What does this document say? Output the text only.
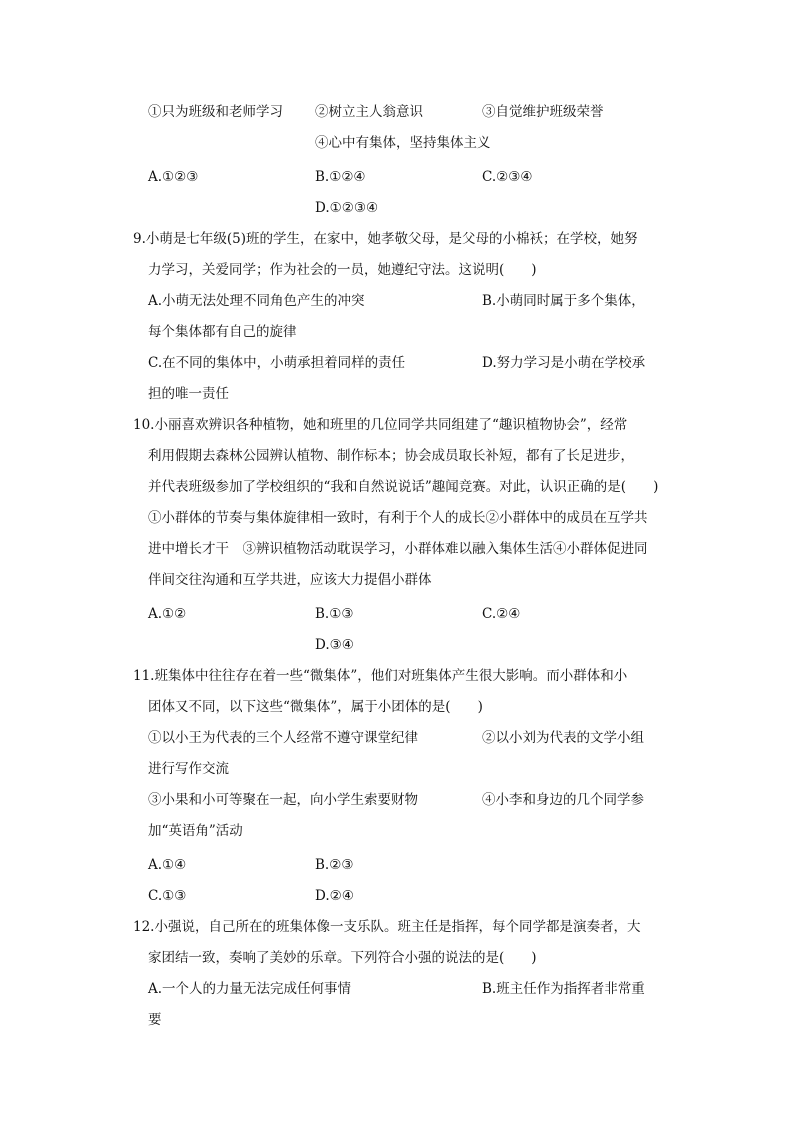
①只为班级和老师学习 ②树立主人翁意识	③自觉维护班级荣誉
④心中有集体，坚持集体主义
A.①②③	B.①②④	C.②③④
D.①②③④
9.小萌是七年级(5)班的学生，在家中，她孝敬父母，是父母的小棉袄；在学校，她努
力学习，关爱同学；作为社会的一员，她遵纪守法。这说明(　　)
A.小萌无法处理不同角色产生的冲突	B.小萌同时属于多个集体，
每个集体都有自己的旋律
C.在不同的集体中，小萌承担着同样的责任	D.努力学习是小萌在学校承
担的唯一责任
10.小丽喜欢辨识各种植物，她和班里的几位同学共同组建了“趣识植物协会”，经常
利用假期去森林公园辨认植物、制作标本；协会成员取长补短，都有了长足进步，
并代表班级参加了学校组织的“我和自然说说话”趣闻竞赛。对此，认识正确的是(　　)
①小群体的节奏与集体旋律相一致时，有利于个人的成长②小群体中的成员在互学共
进中增长才干　③辨识植物活动耽误学习，小群体难以融入集体生活④小群体促进同
伴间交往沟通和互学共进，应该大力提倡小群体
A.①②	B.①③	C.②④
D.③④
11.班集体中往往存在着一些“微集体”，他们对班集体产生很大影响。而小群体和小
团体又不同，以下这些“微集体”，属于小团体的是(　　)
①以小王为代表的三个人经常不遵守课堂纪律	②以小刘为代表的文学小组
进行写作交流
③小果和小可等聚在一起，向小学生索要财物	④小李和身边的几个同学参
加“英语角”活动
A.①④	B.②③
C.①③	D.②④
12.小强说，自己所在的班集体像一支乐队。班主任是指挥，每个同学都是演奏者，大
家团结一致，奏响了美妙的乐章。下列符合小强的说法的是(　　)
A.一个人的力量无法完成任何事情	B.班主任作为指挥者非常重
要
